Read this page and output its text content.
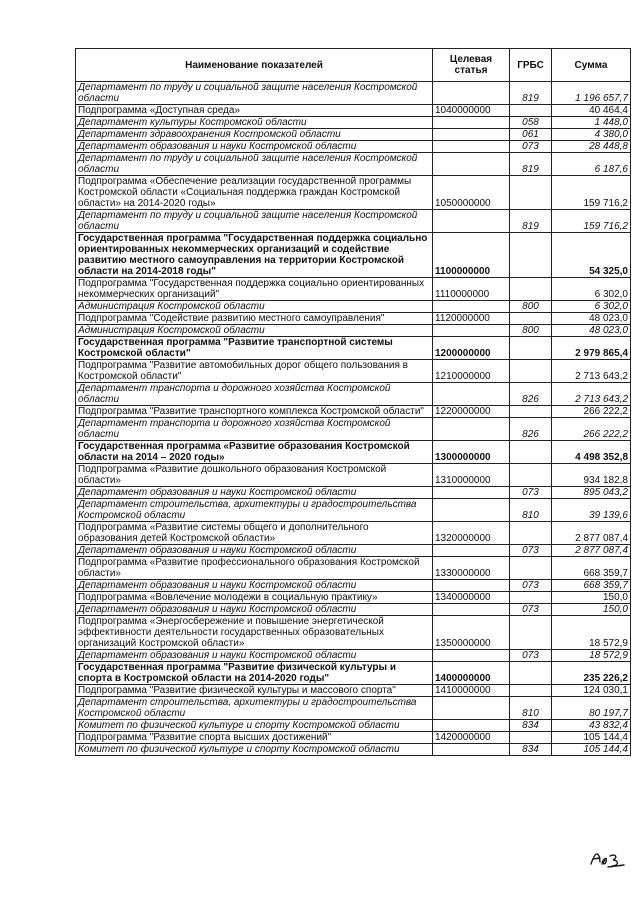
Наименование показателей	Целевая статья	ГРБС	Сумма
Департамент по труду и социальной защите населения Костромской области		819	1 196 657,7
Подпрограмма «Доступная среда»	1040000000		40 464,4
Департамент культуры Костромской области		058	1 448,0
Департамент здравоохранения Костромской области		061	4 380,0
Департамент образования и науки Костромской области		073	28 448,8
Департамент по труду и социальной защите населения Костромской области		819	6 187,6
Подпрограмма «Обеспечение реализации государственной программы Костромской области «Социальная поддержка граждан Костромской области» на 2014-2020 годы»	1050000000		159 716,2
Департамент по труду и социальной защите населения Костромской области		819	159 716,2
Государственная программа "Государственная поддержка социально ориентированных некоммерческих организаций и содействие развитию местного самоуправления на территории Костромской области на 2014-2018 годы"	1100000000		54 325,0
Подпрограмма "Государственная поддержка социально ориентированных некоммерческих организаций"	1110000000		6 302,0
Администрация Костромской области		800	6 302,0
Подпрограмма "Содействие развитию местного самоуправления"	1120000000		48 023,0
Администрация Костромской области		800	48 023,0
Государственная программа "Развитие транспортной системы Костромской области"	1200000000		2 979 865,4
Подпрограмма "Развитие автомобильных дорог общего пользования в Костромской области"	1210000000		2 713 643,2
Департамент транспорта и дорожного хозяйства Костромской области		826	2 713 643,2
Подпрограмма "Развитие транспортного комплекса Костромской области"	1220000000		266 222,2
Департамент транспорта и дорожного хозяйства Костромской области		826	266 222,2
Государственная программа «Развитие образования Костромской области на 2014 – 2020 годы»	1300000000		4 498 352,8
Подпрограмма «Развитие дошкольного образования Костромской области»	1310000000		934 182,8
Департамент образования и науки Костромской области		073	895 043,2
Департамент строительства, архитектуры и градостроительства Костромской области		810	39 139,6
Подпрограмма «Развитие системы общего и дополнительного образования детей Костромской области»	1320000000		2 877 087,4
Департамент образования и науки Костромской области		073	2 877 087,4
Подпрограмма «Развитие профессионального образования Костромской области»	1330000000		668 359,7
Департамент образования и науки Костромской области		073	668 359,7
Подпрограмма «Вовлечение молодежи в социальную практику»	1340000000		150,0
Департамент образования и науки Костромской области		073	150,0
Подпрограмма «Энергосбережение и повышение энергетической эффективности деятельности государственных образовательных организаций Костромской области»	1350000000		18 572,9
Департамент образования и науки Костромской области		073	18 572,9
Государственная программа "Развитие физической культуры и спорта в Костромской области на 2014-2020 годы"	1400000000		235 226,2
Подпрограмма "Развитие физической культуры и массового спорта"	1410000000		124 030,1
Департамент строительства, архитектуры и градостроительства Костромской области		810	80 197,7
Комитет по физической культуре и спорту Костромской области		834	43 832,4
Подпрограмма "Развитие спорта высших достижений"	1420000000		105 144,4
Комитет по физической культуре и спорту Костромской области		834	105 144,4
